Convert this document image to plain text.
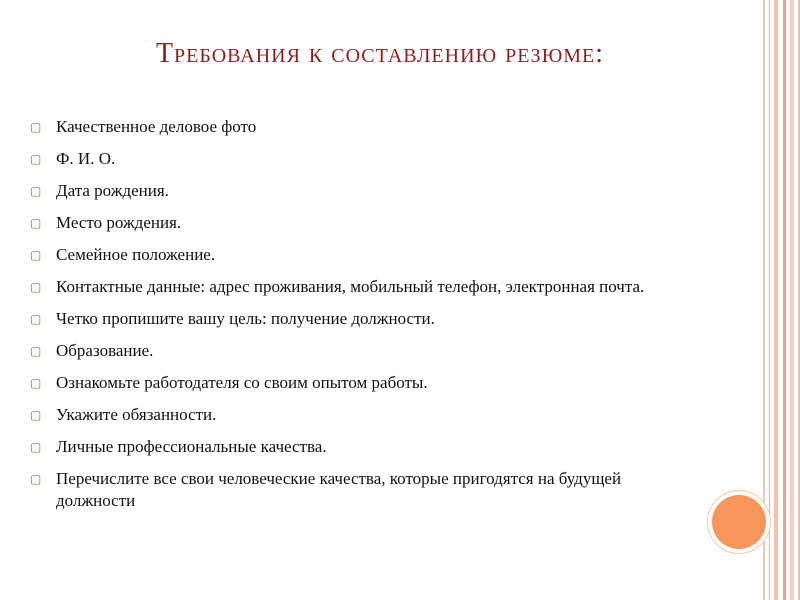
Требования к составлению резюме:
▢ Качественное деловое фото
▢ Ф. И. О.
▢ Дата рождения.
▢ Место рождения.
▢ Семейное положение.
▢ Контактные данные: адрес проживания, мобильный телефон, электронная почта.
▢ Четко пропишите вашу цель: получение должности.
▢ Образование.
▢ Ознакомьте работодателя со своим опытом работы.
▢ Укажите обязанности.
▢ Личные профессиональные качества.
▢ Перечислите все свои человеческие качества, которые пригодятся на будущей должности
